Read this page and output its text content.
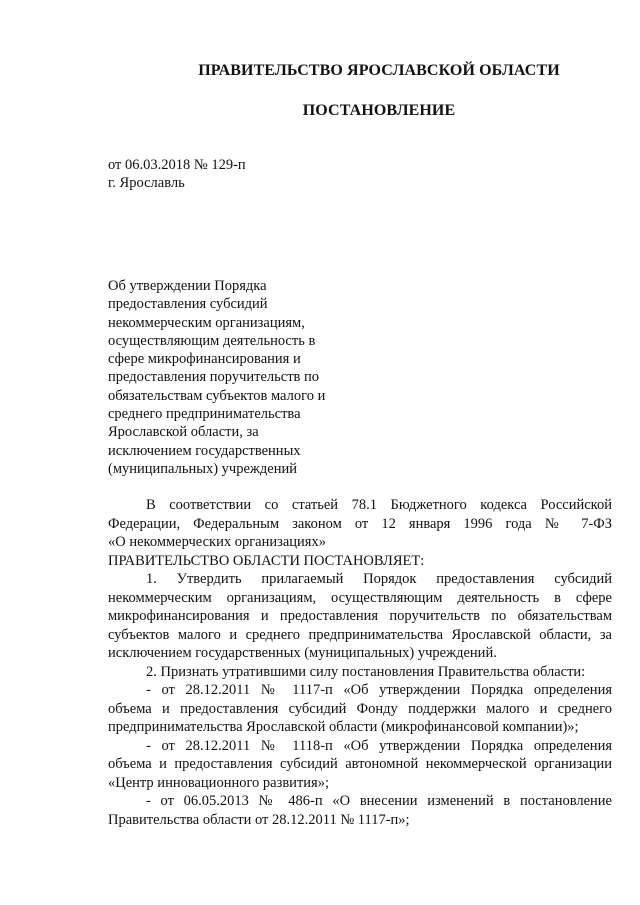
ПРАВИТЕЛЬСТВО ЯРОСЛАВСКОЙ ОБЛАСТИ
ПОСТАНОВЛЕНИЕ
от 06.03.2018 № 129-п
г. Ярославль
Об утверждении Порядка
предоставления субсидий
некоммерческим организациям,
осуществляющим деятельность в
сфере микрофинансирования и
предоставления поручительств по
обязательствам субъектов малого и
среднего предпринимательства
Ярославской области, за
исключением государственных
(муниципальных) учреждений
В соответствии со статьей 78.1 Бюджетного кодекса Российской
Федерации, Федеральным законом от 12 января 1996 года № 7-ФЗ
«О некоммерческих организациях»
ПРАВИТЕЛЬСТВО ОБЛАСТИ ПОСТАНОВЛЯЕТ:
1. Утвердить прилагаемый Порядок предоставления субсидий
некоммерческим организациям, осуществляющим деятельность в сфере
микрофинансирования и предоставления поручительств по обязательствам
субъектов малого и среднего предпринимательства Ярославской области, за
исключением государственных (муниципальных) учреждений.
2. Признать утратившими силу постановления Правительства области:
- от 28.12.2011 № 1117-п «Об утверждении Порядка определения
объема и предоставления субсидий Фонду поддержки малого и среднего
предпринимательства Ярославской области (микрофинансовой компании)»;
- от 28.12.2011 № 1118-п «Об утверждении Порядка определения
объема и предоставления субсидий автономной некоммерческой организации
«Центр инновационного развития»;
- от 06.05.2013 № 486-п «О внесении изменений в постановление
Правительства области от 28.12.2011 № 1117-п»;
